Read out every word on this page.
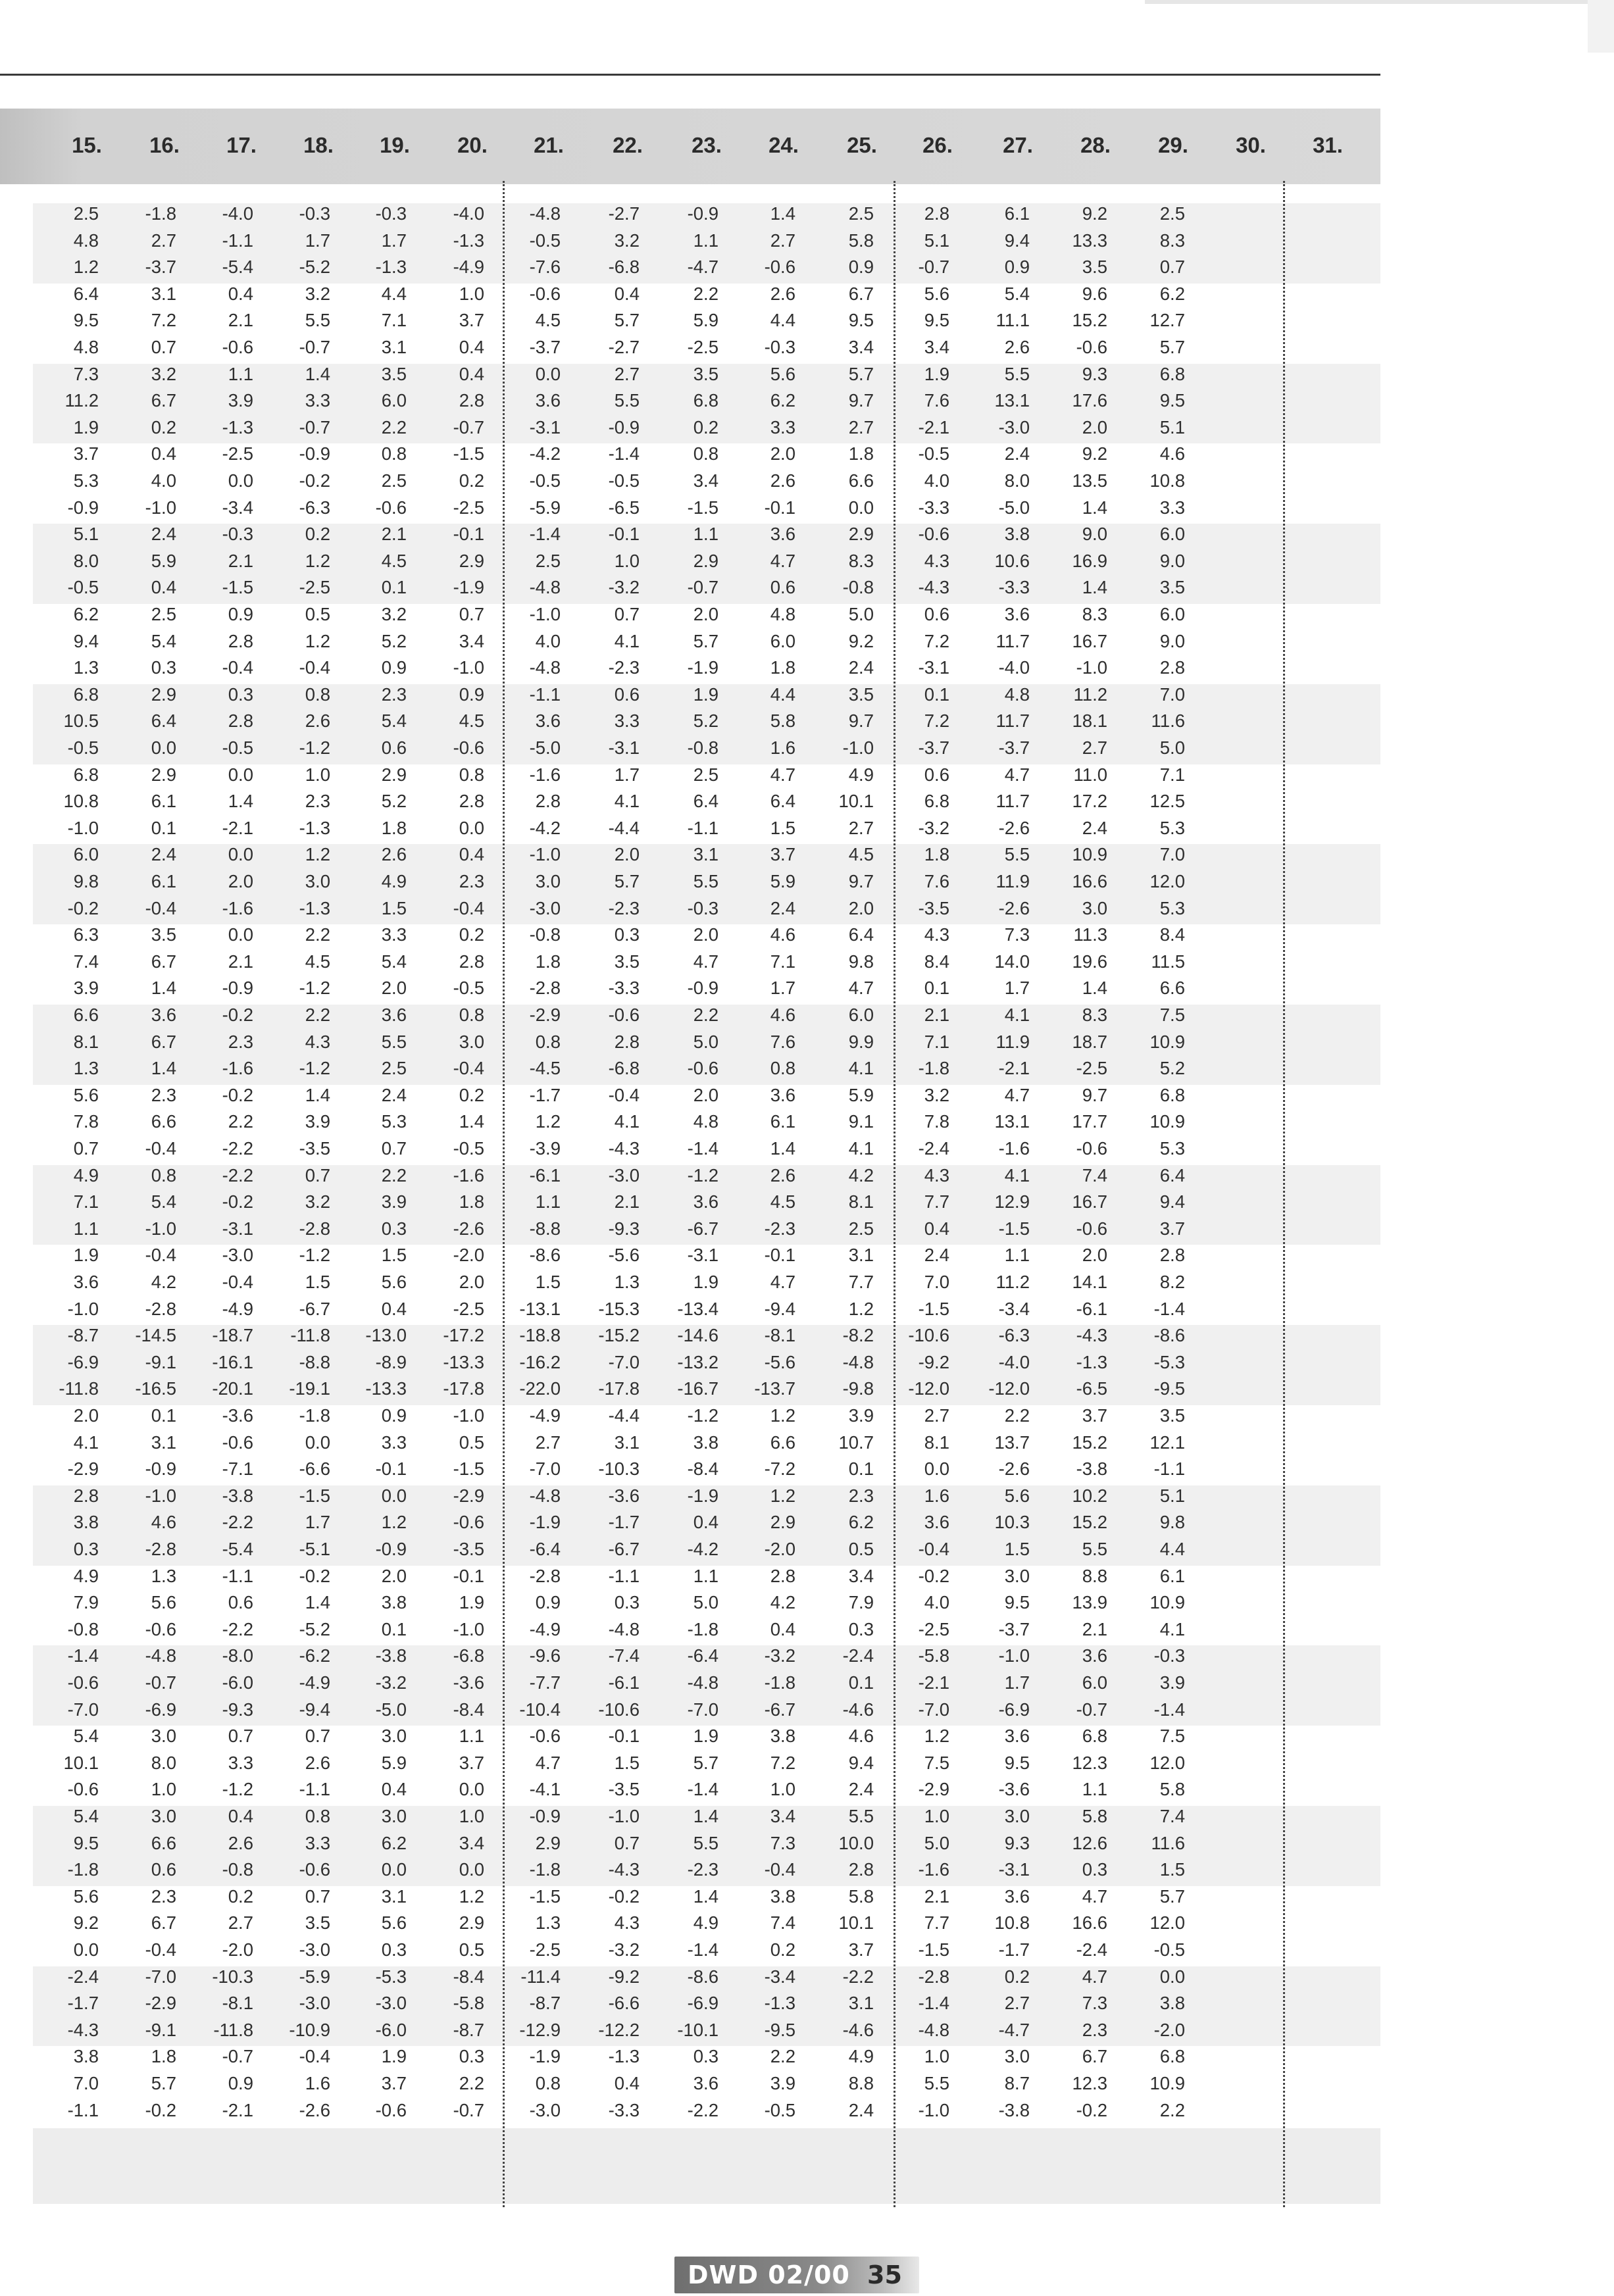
15.	16.	17.	18.	19.	20.	21.	22.	23.	24.	25.	26.	27.	28.	29.	30.	31.
2.5	-1.8	-4.0	-0.3	-0.3	-4.0	-4.8	-2.7	-0.9	1.4	2.5	2.8	6.1	9.2	2.5
4.8	2.7	-1.1	1.7	1.7	-1.3	-0.5	3.2	1.1	2.7	5.8	5.1	9.4	13.3	8.3
1.2	-3.7	-5.4	-5.2	-1.3	-4.9	-7.6	-6.8	-4.7	-0.6	0.9	-0.7	0.9	3.5	0.7
6.4	3.1	0.4	3.2	4.4	1.0	-0.6	0.4	2.2	2.6	6.7	5.6	5.4	9.6	6.2
9.5	7.2	2.1	5.5	7.1	3.7	4.5	5.7	5.9	4.4	9.5	9.5	11.1	15.2	12.7
4.8	0.7	-0.6	-0.7	3.1	0.4	-3.7	-2.7	-2.5	-0.3	3.4	3.4	2.6	-0.6	5.7
7.3	3.2	1.1	1.4	3.5	0.4	0.0	2.7	3.5	5.6	5.7	1.9	5.5	9.3	6.8
11.2	6.7	3.9	3.3	6.0	2.8	3.6	5.5	6.8	6.2	9.7	7.6	13.1	17.6	9.5
1.9	0.2	-1.3	-0.7	2.2	-0.7	-3.1	-0.9	0.2	3.3	2.7	-2.1	-3.0	2.0	5.1
3.7	0.4	-2.5	-0.9	0.8	-1.5	-4.2	-1.4	0.8	2.0	1.8	-0.5	2.4	9.2	4.6
5.3	4.0	0.0	-0.2	2.5	0.2	-0.5	-0.5	3.4	2.6	6.6	4.0	8.0	13.5	10.8
-0.9	-1.0	-3.4	-6.3	-0.6	-2.5	-5.9	-6.5	-1.5	-0.1	0.0	-3.3	-5.0	1.4	3.3
5.1	2.4	-0.3	0.2	2.1	-0.1	-1.4	-0.1	1.1	3.6	2.9	-0.6	3.8	9.0	6.0
8.0	5.9	2.1	1.2	4.5	2.9	2.5	1.0	2.9	4.7	8.3	4.3	10.6	16.9	9.0
-0.5	0.4	-1.5	-2.5	0.1	-1.9	-4.8	-3.2	-0.7	0.6	-0.8	-4.3	-3.3	1.4	3.5
6.2	2.5	0.9	0.5	3.2	0.7	-1.0	0.7	2.0	4.8	5.0	0.6	3.6	8.3	6.0
9.4	5.4	2.8	1.2	5.2	3.4	4.0	4.1	5.7	6.0	9.2	7.2	11.7	16.7	9.0
1.3	0.3	-0.4	-0.4	0.9	-1.0	-4.8	-2.3	-1.9	1.8	2.4	-3.1	-4.0	-1.0	2.8
6.8	2.9	0.3	0.8	2.3	0.9	-1.1	0.6	1.9	4.4	3.5	0.1	4.8	11.2	7.0
10.5	6.4	2.8	2.6	5.4	4.5	3.6	3.3	5.2	5.8	9.7	7.2	11.7	18.1	11.6
-0.5	0.0	-0.5	-1.2	0.6	-0.6	-5.0	-3.1	-0.8	1.6	-1.0	-3.7	-3.7	2.7	5.0
6.8	2.9	0.0	1.0	2.9	0.8	-1.6	1.7	2.5	4.7	4.9	0.6	4.7	11.0	7.1
10.8	6.1	1.4	2.3	5.2	2.8	2.8	4.1	6.4	6.4	10.1	6.8	11.7	17.2	12.5
-1.0	0.1	-2.1	-1.3	1.8	0.0	-4.2	-4.4	-1.1	1.5	2.7	-3.2	-2.6	2.4	5.3
6.0	2.4	0.0	1.2	2.6	0.4	-1.0	2.0	3.1	3.7	4.5	1.8	5.5	10.9	7.0
9.8	6.1	2.0	3.0	4.9	2.3	3.0	5.7	5.5	5.9	9.7	7.6	11.9	16.6	12.0
-0.2	-0.4	-1.6	-1.3	1.5	-0.4	-3.0	-2.3	-0.3	2.4	2.0	-3.5	-2.6	3.0	5.3
6.3	3.5	0.0	2.2	3.3	0.2	-0.8	0.3	2.0	4.6	6.4	4.3	7.3	11.3	8.4
7.4	6.7	2.1	4.5	5.4	2.8	1.8	3.5	4.7	7.1	9.8	8.4	14.0	19.6	11.5
3.9	1.4	-0.9	-1.2	2.0	-0.5	-2.8	-3.3	-0.9	1.7	4.7	0.1	1.7	1.4	6.6
6.6	3.6	-0.2	2.2	3.6	0.8	-2.9	-0.6	2.2	4.6	6.0	2.1	4.1	8.3	7.5
8.1	6.7	2.3	4.3	5.5	3.0	0.8	2.8	5.0	7.6	9.9	7.1	11.9	18.7	10.9
1.3	1.4	-1.6	-1.2	2.5	-0.4	-4.5	-6.8	-0.6	0.8	4.1	-1.8	-2.1	-2.5	5.2
5.6	2.3	-0.2	1.4	2.4	0.2	-1.7	-0.4	2.0	3.6	5.9	3.2	4.7	9.7	6.8
7.8	6.6	2.2	3.9	5.3	1.4	1.2	4.1	4.8	6.1	9.1	7.8	13.1	17.7	10.9
0.7	-0.4	-2.2	-3.5	0.7	-0.5	-3.9	-4.3	-1.4	1.4	4.1	-2.4	-1.6	-0.6	5.3
4.9	0.8	-2.2	0.7	2.2	-1.6	-6.1	-3.0	-1.2	2.6	4.2	4.3	4.1	7.4	6.4
7.1	5.4	-0.2	3.2	3.9	1.8	1.1	2.1	3.6	4.5	8.1	7.7	12.9	16.7	9.4
1.1	-1.0	-3.1	-2.8	0.3	-2.6	-8.8	-9.3	-6.7	-2.3	2.5	0.4	-1.5	-0.6	3.7
1.9	-0.4	-3.0	-1.2	1.5	-2.0	-8.6	-5.6	-3.1	-0.1	3.1	2.4	1.1	2.0	2.8
3.6	4.2	-0.4	1.5	5.6	2.0	1.5	1.3	1.9	4.7	7.7	7.0	11.2	14.1	8.2
-1.0	-2.8	-4.9	-6.7	0.4	-2.5	-13.1	-15.3	-13.4	-9.4	1.2	-1.5	-3.4	-6.1	-1.4
-8.7	-14.5	-18.7	-11.8	-13.0	-17.2	-18.8	-15.2	-14.6	-8.1	-8.2	-10.6	-6.3	-4.3	-8.6
-6.9	-9.1	-16.1	-8.8	-8.9	-13.3	-16.2	-7.0	-13.2	-5.6	-4.8	-9.2	-4.0	-1.3	-5.3
-11.8	-16.5	-20.1	-19.1	-13.3	-17.8	-22.0	-17.8	-16.7	-13.7	-9.8	-12.0	-12.0	-6.5	-9.5
2.0	0.1	-3.6	-1.8	0.9	-1.0	-4.9	-4.4	-1.2	1.2	3.9	2.7	2.2	3.7	3.5
4.1	3.1	-0.6	0.0	3.3	0.5	2.7	3.1	3.8	6.6	10.7	8.1	13.7	15.2	12.1
-2.9	-0.9	-7.1	-6.6	-0.1	-1.5	-7.0	-10.3	-8.4	-7.2	0.1	0.0	-2.6	-3.8	-1.1
2.8	-1.0	-3.8	-1.5	0.0	-2.9	-4.8	-3.6	-1.9	1.2	2.3	1.6	5.6	10.2	5.1
3.8	4.6	-2.2	1.7	1.2	-0.6	-1.9	-1.7	0.4	2.9	6.2	3.6	10.3	15.2	9.8
0.3	-2.8	-5.4	-5.1	-0.9	-3.5	-6.4	-6.7	-4.2	-2.0	0.5	-0.4	1.5	5.5	4.4
4.9	1.3	-1.1	-0.2	2.0	-0.1	-2.8	-1.1	1.1	2.8	3.4	-0.2	3.0	8.8	6.1
7.9	5.6	0.6	1.4	3.8	1.9	0.9	0.3	5.0	4.2	7.9	4.0	9.5	13.9	10.9
-0.8	-0.6	-2.2	-5.2	0.1	-1.0	-4.9	-4.8	-1.8	0.4	0.3	-2.5	-3.7	2.1	4.1
-1.4	-4.8	-8.0	-6.2	-3.8	-6.8	-9.6	-7.4	-6.4	-3.2	-2.4	-5.8	-1.0	3.6	-0.3
-0.6	-0.7	-6.0	-4.9	-3.2	-3.6	-7.7	-6.1	-4.8	-1.8	0.1	-2.1	1.7	6.0	3.9
-7.0	-6.9	-9.3	-9.4	-5.0	-8.4	-10.4	-10.6	-7.0	-6.7	-4.6	-7.0	-6.9	-0.7	-1.4
5.4	3.0	0.7	0.7	3.0	1.1	-0.6	-0.1	1.9	3.8	4.6	1.2	3.6	6.8	7.5
10.1	8.0	3.3	2.6	5.9	3.7	4.7	1.5	5.7	7.2	9.4	7.5	9.5	12.3	12.0
-0.6	1.0	-1.2	-1.1	0.4	0.0	-4.1	-3.5	-1.4	1.0	2.4	-2.9	-3.6	1.1	5.8
5.4	3.0	0.4	0.8	3.0	1.0	-0.9	-1.0	1.4	3.4	5.5	1.0	3.0	5.8	7.4
9.5	6.6	2.6	3.3	6.2	3.4	2.9	0.7	5.5	7.3	10.0	5.0	9.3	12.6	11.6
-1.8	0.6	-0.8	-0.6	0.0	0.0	-1.8	-4.3	-2.3	-0.4	2.8	-1.6	-3.1	0.3	1.5
5.6	2.3	0.2	0.7	3.1	1.2	-1.5	-0.2	1.4	3.8	5.8	2.1	3.6	4.7	5.7
9.2	6.7	2.7	3.5	5.6	2.9	1.3	4.3	4.9	7.4	10.1	7.7	10.8	16.6	12.0
0.0	-0.4	-2.0	-3.0	0.3	0.5	-2.5	-3.2	-1.4	0.2	3.7	-1.5	-1.7	-2.4	-0.5
-2.4	-7.0	-10.3	-5.9	-5.3	-8.4	-11.4	-9.2	-8.6	-3.4	-2.2	-2.8	0.2	4.7	0.0
-1.7	-2.9	-8.1	-3.0	-3.0	-5.8	-8.7	-6.6	-6.9	-1.3	3.1	-1.4	2.7	7.3	3.8
-4.3	-9.1	-11.8	-10.9	-6.0	-8.7	-12.9	-12.2	-10.1	-9.5	-4.6	-4.8	-4.7	2.3	-2.0
3.8	1.8	-0.7	-0.4	1.9	0.3	-1.9	-1.3	0.3	2.2	4.9	1.0	3.0	6.7	6.8
7.0	5.7	0.9	1.6	3.7	2.2	0.8	0.4	3.6	3.9	8.8	5.5	8.7	12.3	10.9
-1.1	-0.2	-2.1	-2.6	-0.6	-0.7	-3.0	-3.3	-2.2	-0.5	2.4	-1.0	-3.8	-0.2	2.2
DWD 02/00 35
